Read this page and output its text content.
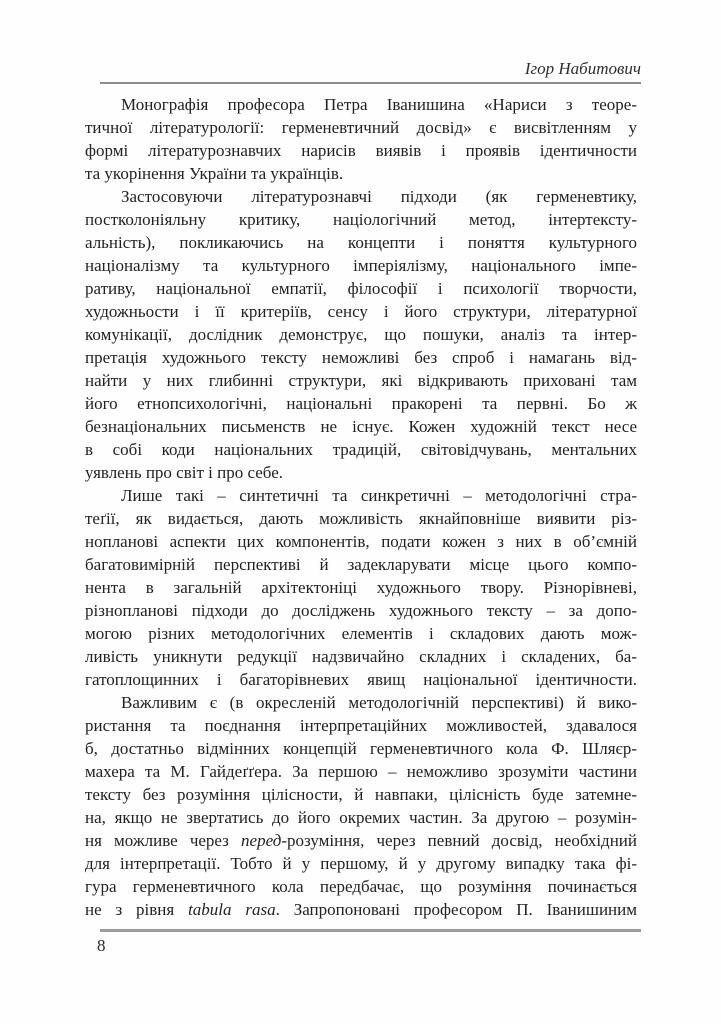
Ігор Набитович
Монографія професора Петра Іванишина «Нариси з теоре-
тичної літературології: герменевтичний досвід» є висвітленням у
формі літературознавчих нарисів виявів і проявів ідентичности
та укорінення України та українців.
Застосовуючи літературознавчі підходи (як герменевтику,
постколоніяльну критику, націологічний метод, інтертексту-
альність), покликаючись на концепти і поняття культурного
націоналізму та культурного імперіялізму, національного імпе-
ративу, національної емпатії, філософії і психології творчости,
художньости і її критеріїв, сенсу і його структури, літературної
комунікації, дослідник демонструє, що пошуки, аналіз та інтер-
претація художнього тексту неможливі без спроб і намагань від-
найти у них глибинні структури, які відкривають приховані там
його етнопсихологічні, національні пракорені та первні. Бо ж
безнаціональних письменств не існує. Кожен художній текст несе
в собі коди національних традицій, світовідчувань, ментальних
уявлень про світ і про себе.
Лише такі – синтетичні та синкретичні – методологічні стра-
теґії, як видається, дають можливість якнайповніше виявити різ-
нопланові аспекти цих компонентів, подати кожен з них в об’ємній
багатовимірній перспективі й задекларувати місце цього компо-
нента в загальній архітектоніці художнього твору. Різнорівневі,
різнопланові підходи до досліджень художнього тексту – за допо-
могою різних методологічних елементів і складових дають мож-
ливість уникнути редукції надзвичайно складних і складених, ба-
гатоплощинних і багаторівневих явищ національної ідентичности.
Важливим є (в окресленій методологічній перспективі) й вико-
ристання та поєднання інтерпретаційних можливостей, здавалося
б, достатньо відмінних концепцій герменевтичного кола Ф. Шляєр-
махера та М. Гайдеґґера. За першою – неможливо зрозуміти частини
тексту без розуміння цілісности, й навпаки, цілісність буде затемне-
на, якщо не звертатись до його окремих частин. За другою – розумін-
ня можливе через перед-розуміння, через певний досвід, необхідний
для інтерпретації. Тобто й у першому, й у другому випадку така фі-
гура герменевтичного кола передбачає, що розуміння починається
не з рівня tabula rasa. Запропоновані професором П. Іванишиним
8
